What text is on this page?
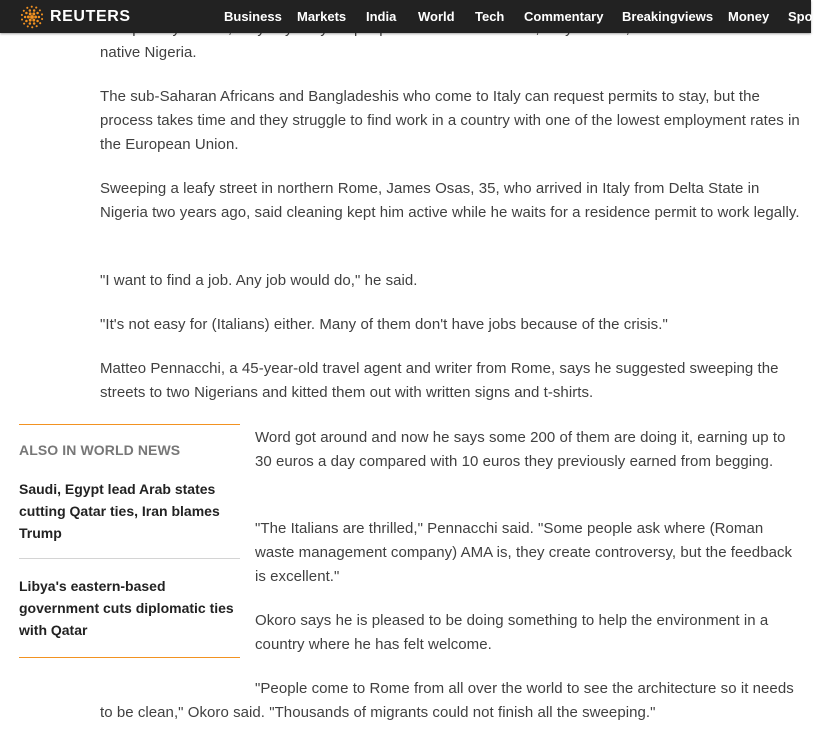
native Nigeria.

The sub-Saharan Africans and Bangladeshis who come to Italy can request permits to stay, but the process takes time and they struggle to find work in a country with one of the lowest employment rates in the European Union.

Sweeping a leafy street in northern Rome, James Osas, 35, who arrived in Italy from Delta State in Nigeria two years ago, said cleaning kept him active while he waits for a residence permit to work legally.

"I want to find a job. Any job would do," he said.

"It's not easy for (Italians) either. Many of them don't have jobs because of the crisis."

Matteo Pennacchi, a 45-year-old travel agent and writer from Rome, says he suggested sweeping the streets to two Nigerians and kitted them out with written signs and t-shirts.

Word got around and now he says some 200 of them are doing it, earning up to 30 euros a day compared with 10 euros they previously earned from begging.

"The Italians are thrilled," Pennacchi said. "Some people ask where (Roman waste management company) AMA is, they create controversy, but the feedback is excellent."

Okoro says he is pleased to be doing something to help the environment in a country where he has felt welcome.

"People come to Rome from all over the world to see the architecture so it needs to be clean," Okoro said. "Thousands of migrants could not finish all the sweeping."

ALSO IN WORLD NEWS
Saudi, Egypt lead Arab states cutting Qatar ties, Iran blames Trump
Libya's eastern-based government cuts diplomatic ties with Qatar
REUTERS	Business Markets India World Tech Commentary Breakingviews Money Sport
